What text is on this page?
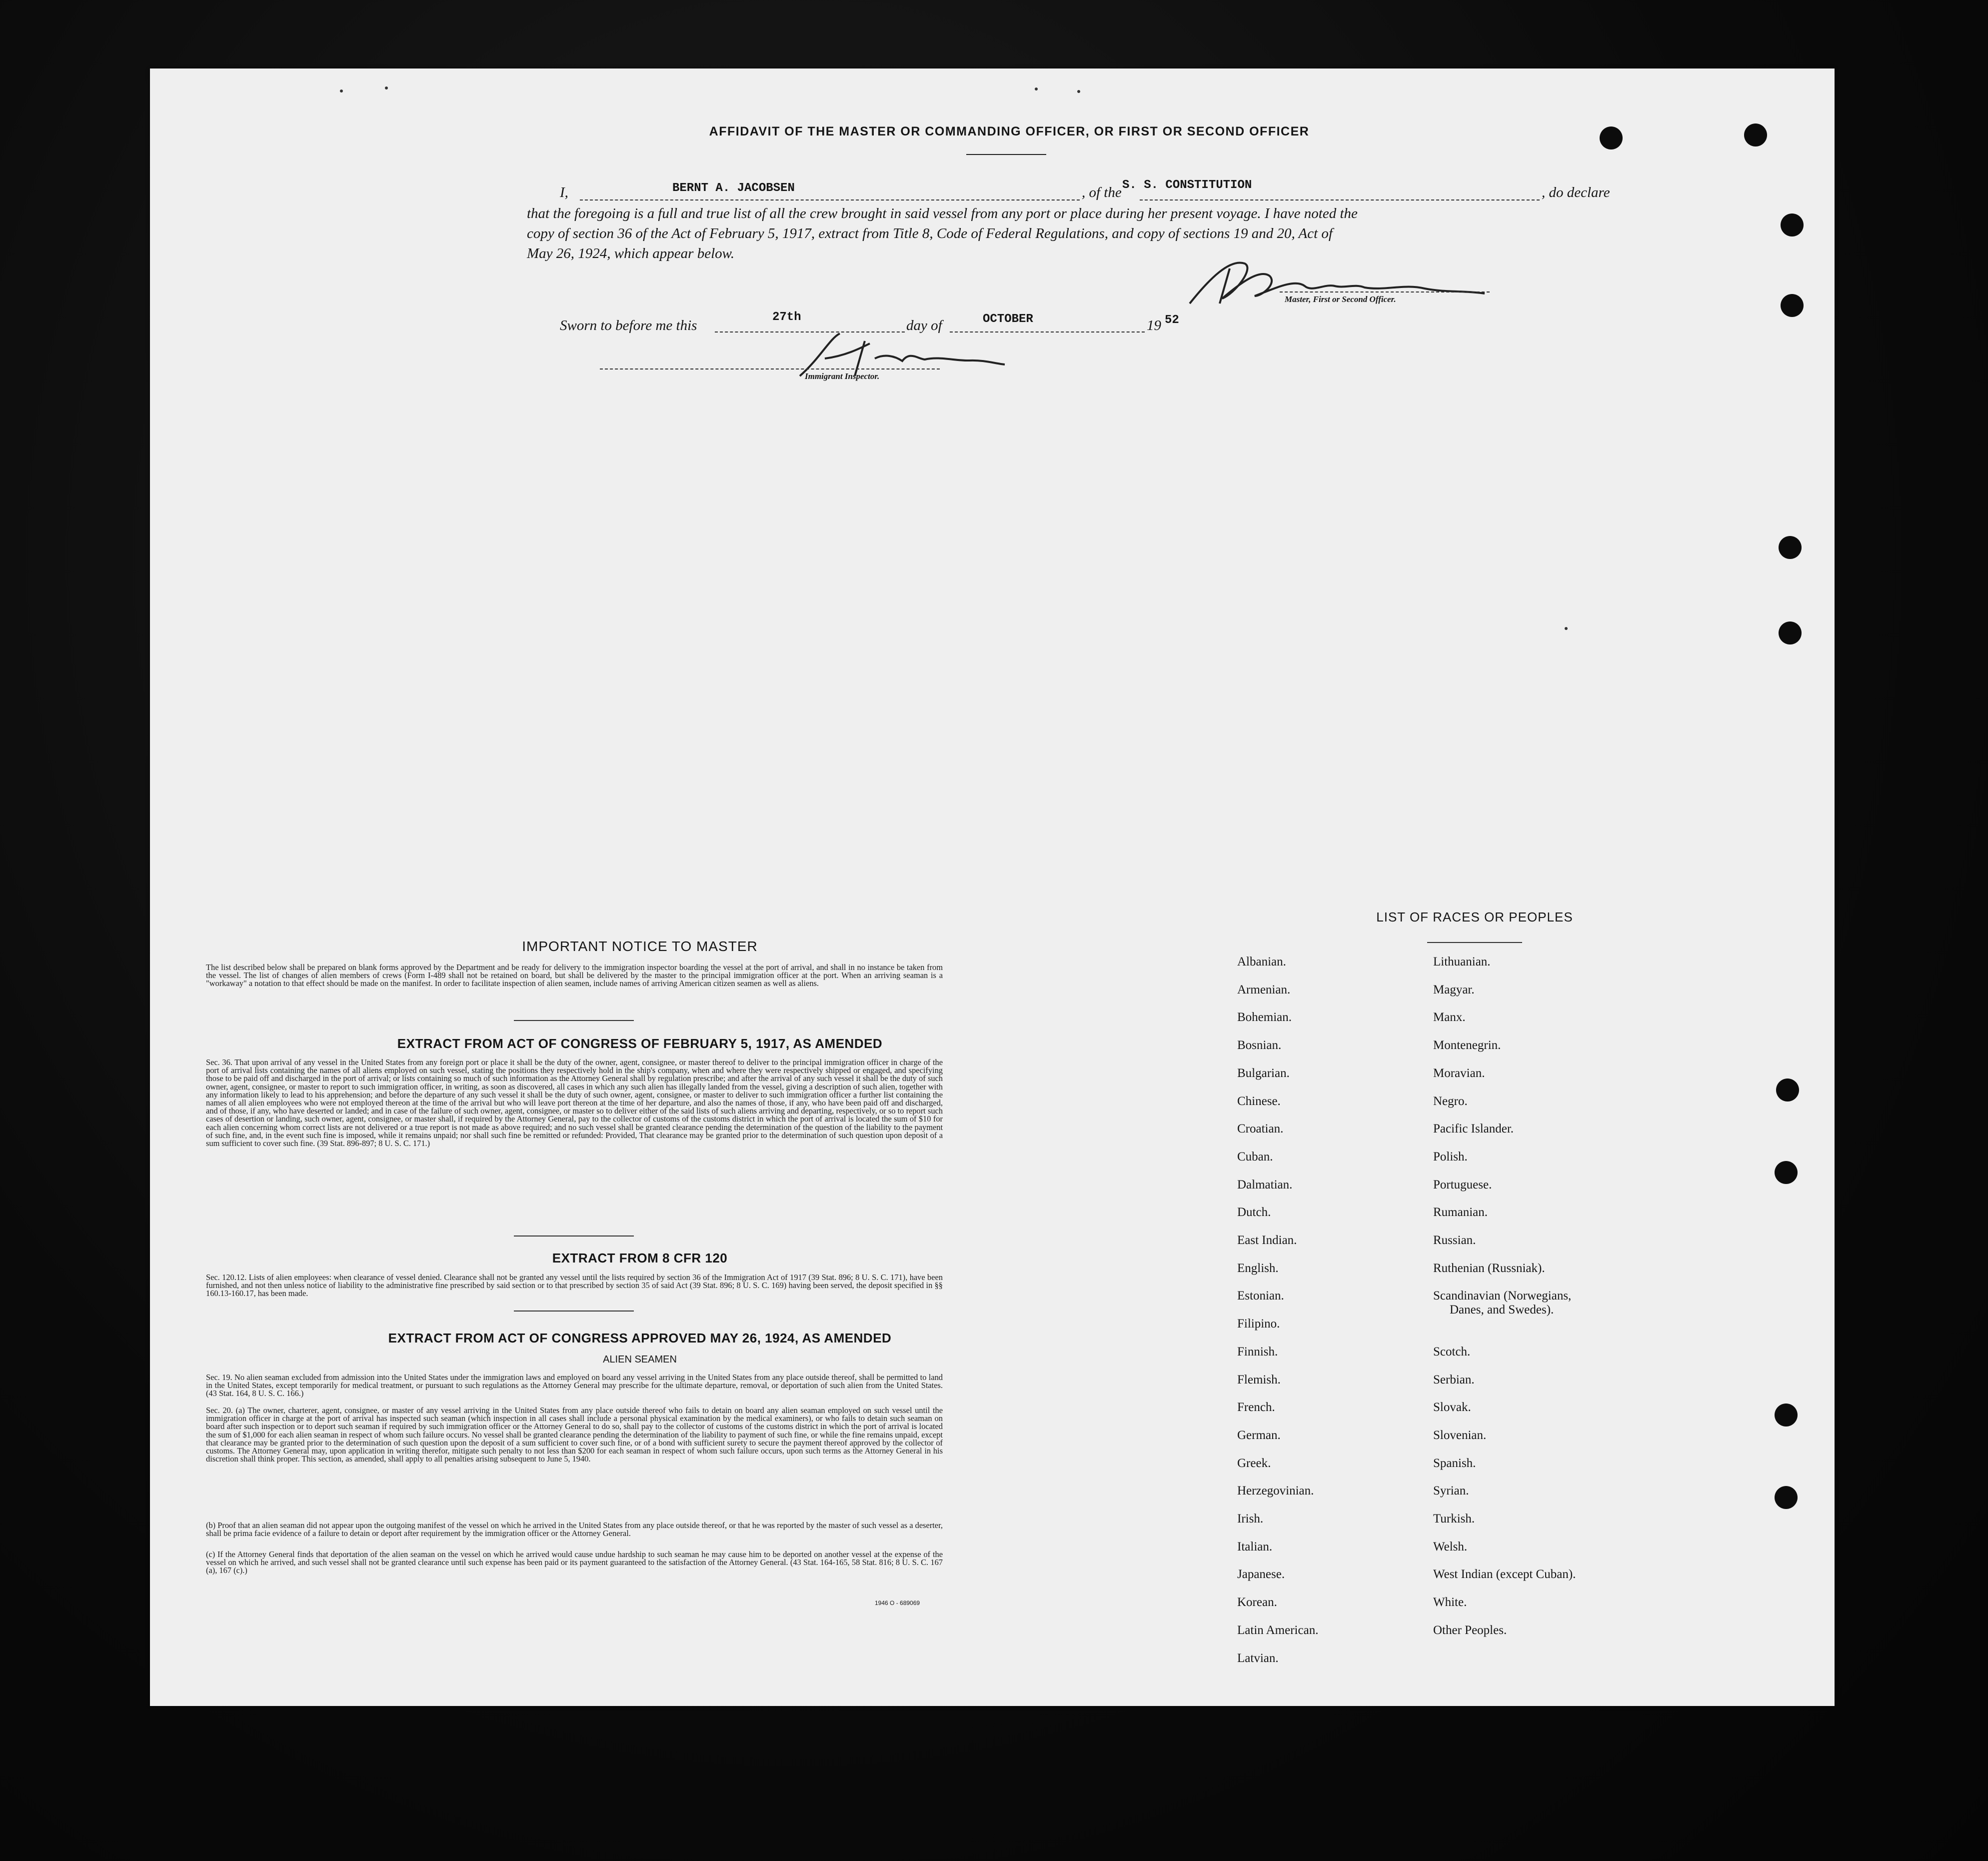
AFFIDAVIT OF THE MASTER OR COMMANDING OFFICER, OR FIRST OR SECOND OFFICER
I,	BERNT A. JACOBSEN	, of the S. S. CONSTITUTION	, do declare
that the foregoing is a full and true list of all the crew brought in said vessel from any port or place during her present voyage. I have noted the
copy of section 36 of the Act of February 5, 1917, extract from Title 8, Code of Federal Regulations, and copy of sections 19 and 20, Act of
May 26, 1924, which appear below.
Master, First or Second Officer.
Sworn to before me this
27th
day of	OCTOBER	19 52
Immigrant Inspector.
IMPORTANT NOTICE TO MASTER
The list described below shall be prepared on blank forms approved by the Department and be ready for delivery to the immigration inspector boarding the vessel at the port of arrival, and shall in no instance be taken from the vessel. The list of changes of alien members of crews (Form I-489 shall not be retained on board, but shall be delivered by the master to the principal immigration officer at the port. When an arriving seaman is a "workaway" a notation to that effect should be made on the manifest. In order to facilitate inspection of alien seamen, include names of arriving American citizen seamen as well as aliens.
EXTRACT FROM ACT OF CONGRESS OF FEBRUARY 5, 1917, AS AMENDED
Sec. 36. That upon arrival of any vessel in the United States from any foreign port or place it shall be the duty of the owner, agent, consignee, or master thereof to deliver to the principal immigration officer in charge of the port of arrival lists containing the names of all aliens employed on such vessel, stating the positions they respectively hold in the ship's company, when and where they were respectively shipped or engaged, and specifying those to be paid off and discharged in the port of arrival; or lists containing so much of such information as the Attorney General shall by regulation prescribe; and after the arrival of any such vessel it shall be the duty of such owner, agent, consignee, or master to report to such immigration officer, in writing, as soon as discovered, all cases in which any such alien has illegally landed from the vessel, giving a description of such alien, together with any information likely to lead to his apprehension; and before the departure of any such vessel it shall be the duty of such owner, agent, consignee, or master to deliver to such immigration officer a further list containing the names of all alien employees who were not employed thereon at the time of the arrival but who will leave port thereon at the time of her departure, and also the names of those, if any, who have been paid off and discharged, and of those, if any, who have deserted or landed; and in case of the failure of such owner, agent, consignee, or master so to deliver either of the said lists of such aliens arriving and departing, respectively, or so to report such cases of desertion or landing, such owner, agent, consignee, or master shall, if required by the Attorney General, pay to the collector of customs of the customs district in which the port of arrival is located the sum of $10 for each alien concerning whom correct lists are not delivered or a true report is not made as above required; and no such vessel shall be granted clearance pending the determination of the question of the liability to the payment of such fine, and, in the event such fine is imposed, while it remains unpaid; nor shall such fine be remitted or refunded: Provided, That clearance may be granted prior to the determination of such question upon deposit of a sum sufficient to cover such fine. (39 Stat. 896-897; 8 U. S. C. 171.)
EXTRACT FROM 8 CFR 120
Sec. 120.12. Lists of alien employees: when clearance of vessel denied. Clearance shall not be granted any vessel until the lists required by section 36 of the Immigration Act of 1917 (39 Stat. 896; 8 U. S. C. 171), have been furnished, and not then unless notice of liability to the administrative fine prescribed by said section or to that prescribed by section 35 of said Act (39 Stat. 896; 8 U. S. C. 169) having been served, the deposit specified in §§ 160.13-160.17, has been made.
EXTRACT FROM ACT OF CONGRESS APPROVED MAY 26, 1924, AS AMENDED
ALIEN SEAMEN
Sec. 19. No alien seaman excluded from admission into the United States under the immigration laws and employed on board any vessel arriving in the United States from any place outside thereof, shall be permitted to land in the United States, except temporarily for medical treatment, or pursuant to such regulations as the Attorney General may prescribe for the ultimate departure, removal, or deportation of such alien from the United States. (43 Stat. 164, 8 U. S. C. 166.)
Sec. 20. (a) The owner, charterer, agent, consignee, or master of any vessel arriving in the United States from any place outside thereof who fails to detain on board any alien seaman employed on such vessel until the immigration officer in charge at the port of arrival has inspected such seaman (which inspection in all cases shall include a personal physical examination by the medical examiners), or who fails to detain such seaman on board after such inspection or to deport such seaman if required by such immigration officer or the Attorney General to do so, shall pay to the collector of customs of the customs district in which the port of arrival is located the sum of $1,000 for each alien seaman in respect of whom such failure occurs. No vessel shall be granted clearance pending the determination of the liability to payment of such fine, or while the fine remains unpaid, except that clearance may be granted prior to the determination of such question upon the deposit of a sum sufficient to cover such fine, or of a bond with sufficient surety to secure the payment thereof approved by the collector of customs. The Attorney General may, upon application in writing therefor, mitigate such penalty to not less than $200 for each seaman in respect of whom such failure occurs, upon such terms as the Attorney General in his discretion shall think proper. This section, as amended, shall apply to all penalties arising subsequent to June 5, 1940.
(b) Proof that an alien seaman did not appear upon the outgoing manifest of the vessel on which he arrived in the United States from any place outside thereof, or that he was reported by the master of such vessel as a deserter, shall be prima facie evidence of a failure to detain or deport after requirement by the immigration officer or the Attorney General.
(c) If the Attorney General finds that deportation of the alien seaman on the vessel on which he arrived would cause undue hardship to such seaman he may cause him to be deported on another vessel at the expense of the vessel on which he arrived, and such vessel shall not be granted clearance until such expense has been paid or its payment guaranteed to the satisfaction of the Attorney General. (43 Stat. 164-165, 58 Stat. 816; 8 U. S. C. 167 (a), 167 (c).)
1946 O - 689069
LIST OF RACES OR PEOPLES
Albanian.
Armenian.
Bohemian.
Bosnian.
Bulgarian.
Chinese.
Croatian.
Cuban.
Dalmatian.
Dutch.
East Indian.
English.
Estonian.
Filipino.
Finnish.
Flemish.
French.
German.
Greek.
Herzegovinian.
Irish.
Italian.
Japanese.
Korean.
Latin American.
Latvian.
Lithuanian.
Magyar.
Manx.
Montenegrin.
Moravian.
Negro.
Pacific Islander.
Polish.
Portuguese.
Rumanian.
Russian.
Ruthenian (Russniak).
Scandinavian (Norwegians,
Danes, and Swedes).
Scotch.
Serbian.
Slovak.
Slovenian.
Spanish.
Syrian.
Turkish.
Welsh.
West Indian (except Cuban).
White.
Other Peoples.
